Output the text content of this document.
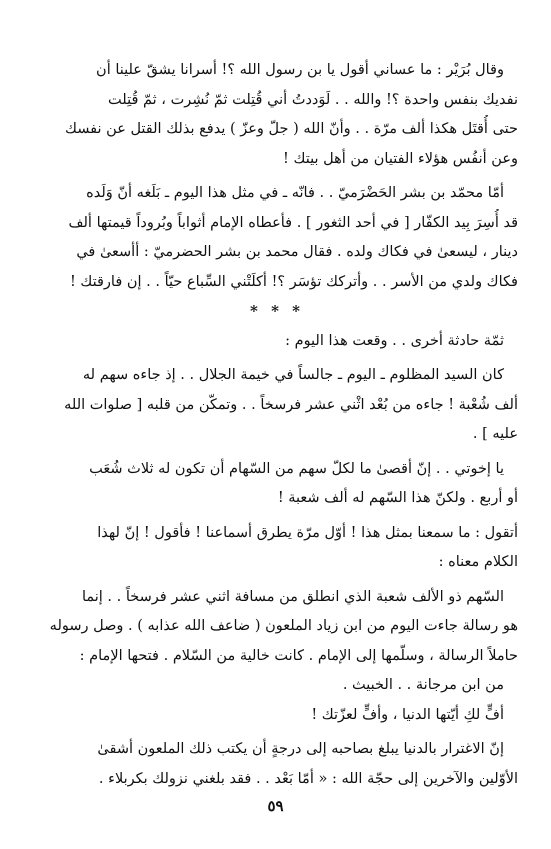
وقال بُرَيْر : ما عساني أقول يا بن رسول الله ؟! أسرانا يشقّ علينا أن
نفديك بنفس واحدة ؟! والله . . لَوَددتُ أني قُتِلت ثمّ نُشِرت ، ثمّ قُتِلت
حتى أُقتَل هكذا ألف مرّة . . وأنّ الله ( جلّ وعزّ ) يدفع بذلك القتل عن نفسك
وعن أنفُس هؤلاء الفتيان من أهل بيتك !
أمّا محمّد بن بشر الحَضْرَميّ . . فانّه ـ في مثل هذا اليوم ـ بَلَغه أنّ وَلَده
قد أُسِرَ بِيد الكفّار [ في أحد الثغور ] . فأعطاه الإمام أثواباً وبُروداً قيمتها ألف
دينار ، ليسعىٰ في فكاك ولده . فقال محمد بن بشر الحضرميّ : أأسعىٰ في
فكاك ولدي من الأسر . . وأتركك تؤسَر ؟! أكلَتْني السِّباع حيّاً . . إن فارقتك !
* * *
ثمّة حادثة أخرى . . وقعت هذا اليوم :
كان السيد المظلوم ـ اليوم ـ جالساً في خيمة الجلال . . إذ جاءه سهم له
ألف شُعْبة ! جاءه من بُعْد اثْني عشر فرسخاً . . وتمكّن من قلبه [ صلوات الله
عليه ] .
يا إخوتي . . إنّ أقصىٰ ما لكلّ سهم من السّهام أن تكون له ثلاث شُعَب
أو أربع . ولكنّ هذا السّهم له ألف شعبة !
أتقول : ما سمعنا بمثل هذا ! أوّل مرّة يطرق أسماعنا ! فأقول ! إنّ لهذا
الكلام معناه :
السّهم ذو الألف شعبة الذي انطلق من مسافة اثني عشر فرسخاً . . إنما
هو رسالة جاءت اليوم من ابن زياد الملعون ( ضاعف الله عذابه ) . وصل رسوله
حاملاً الرسالة ، وسلّمها إلى الإمام . كانت خالية من السّلام . فتحها الإمام :
من ابن مرجانة . . الخبيث .
أفٍّ لكِ أيّتها الدنيا ، وأفٍّ لعزّتك !
إنّ الاغترار بالدنيا يبلغ بصاحبه إلى درجةٍ أن يكتب ذلك الملعون أشقىٰ
الأوّلين والآخرين إلى حجّة الله : « أمّا بَعْد . . فقد بلغني نزولك بكربلاء .
٥٩
